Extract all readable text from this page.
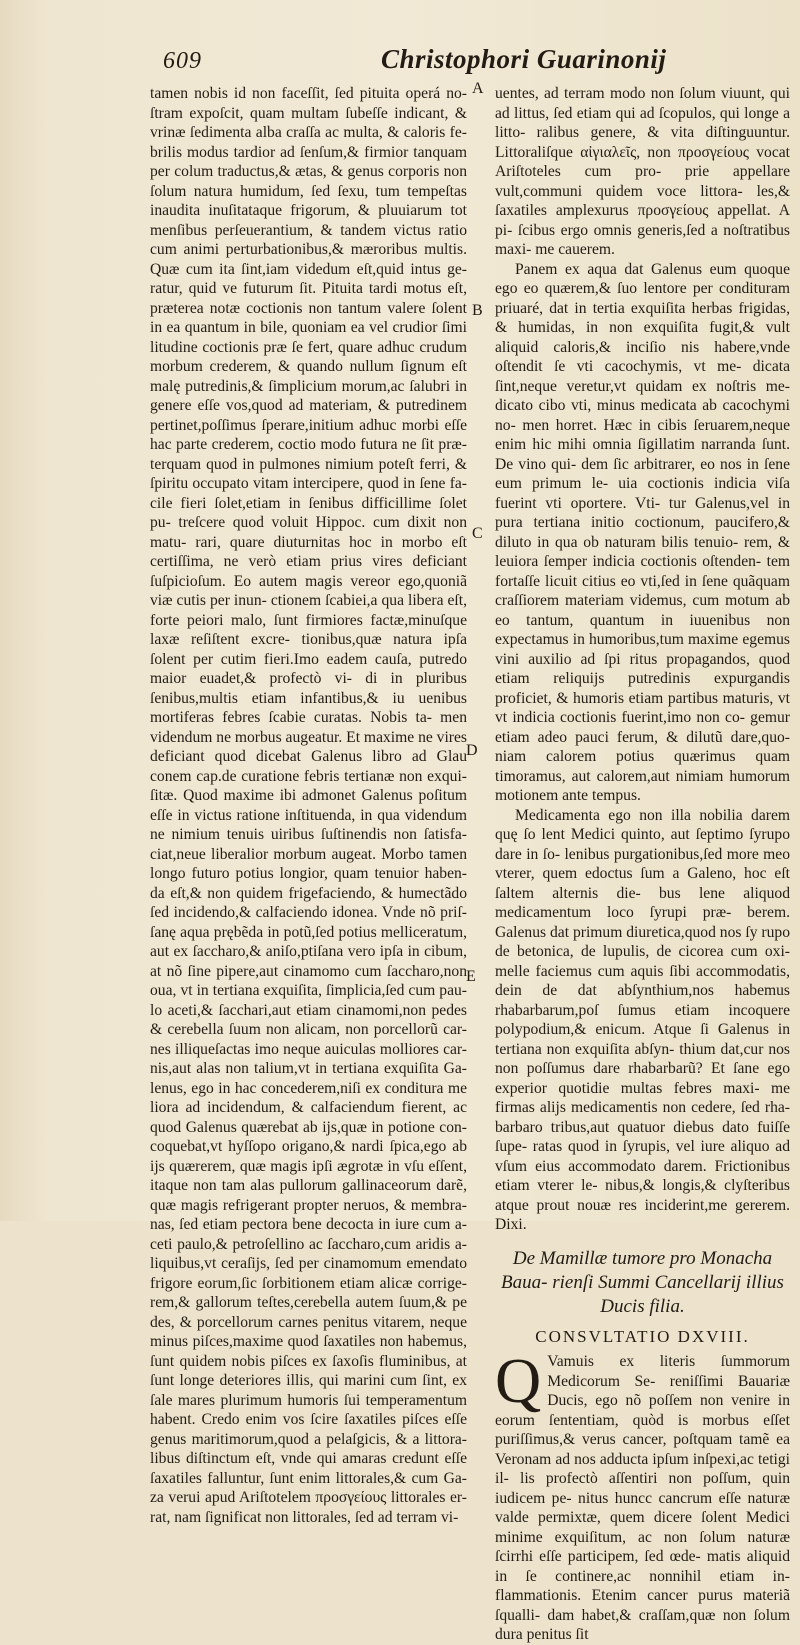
609	Christophori Guarinonij

tamen nobis id non faceſſit, ſed pituita operá no- ſtram expoſcit, quam multam ſubeſſe indicant, & vrinæ ſedimenta alba craſſa ac multa, & caloris fe- brilis modus tardior ad ſenſum,& firmior tanquam per colum traductus,& ætas, & genus corporis non ſolum natura humidum, ſed ſexu, tum tempeſtas inaudita inuſitataque frigorum, & pluuiarum tot menſibus perſeuerantium, & tandem victus ratio cum animi perturbationibus,& mæroribus multis. Quæ cum ita ſint,iam videdum eſt,quid intus ge- ratur, quid ve futurum ſit. Pituita tardi motus eſt, præterea notæ coctionis non tantum valere ſolent in ea quantum in bile, quoniam ea vel crudior ſimi litudine coctionis præ ſe fert, quare adhuc crudum morbum crederem, & quando nullum ſignum eſt malę putredinis,& ſimplicium morum,ac ſalubri in genere eſſe vos,quod ad materiam, & putredinem pertinet,poſſimus ſperare,initium adhuc morbi eſſe hac parte crederem, coctio modo futura ne ſit præ- terquam quod in pulmones nimium poteſt ferri, & ſpiritu occupato vitam intercipere, quod in ſene fa- cile fieri ſolet,etiam in ſenibus difficillime ſolet pu- treſcere quod voluit Hippoc. cum dixit non matu- rari, quare diuturnitas hoc in morbo eſt certiſſima, ne verò etiam prius vires deficiant ſuſpicioſum. Eo autem magis vereor ego,quoniã viæ cutis per inun- ctionem ſcabiei,a qua libera eſt, forte peiori malo, ſunt firmiores factæ,minuſque laxæ reſiſtent excre- tionibus,quæ natura ipſa ſolent per cutim fieri.Imo eadem cauſa, putredo maior euadet,& profectò vi- di in pluribus ſenibus,multis etiam infantibus,& iu uenibus mortiferas febres ſcabie curatas. Nobis ta- men videndum ne morbus augeatur. Et maxime ne vires deficiant quod dicebat Galenus libro ad Glau conem cap.de curatione febris tertianæ non exqui- ſitæ. Quod maxime ibi admonet Galenus poſitum eſſe in victus ratione inſtituenda, in qua videndum ne nimium tenuis uiribus ſuſtinendis non ſatisfa- ciat,neue liberalior morbum augeat. Morbo tamen longo futuro potius longior, quam tenuior haben- da eſt,& non quidem frigefaciendo, & humectãdo ſed incidendo,& calfaciendo idonea. Vnde nõ priſ- ſanę aqua prębẽda in potũ,ſed potius melliceratum, aut ex ſaccharo,& aniſo,ptiſana vero ipſa in cibum, at nõ ſine pipere,aut cinamomo cum ſaccharo,non oua, vt in tertiana exquiſita, ſimplicia,ſed cum pau- lo aceti,& ſacchari,aut etiam cinamomi,non pedes & cerebella ſuum non alicam, non porcellorũ car- nes illiqueſactas imo neque auiculas molliores car- nis,aut alas non talium,vt in tertiana exquiſita Ga- lenus, ego in hac concederem,niſi ex conditura me liora ad incidendum, & calfaciendum fierent, ac quod Galenus quærebat ab ijs,quæ in potione con- coquebat,vt hyſſopo origano,& nardi ſpica,ego ab ijs quærerem, quæ magis ipſi ægrotæ in vſu eſſent, itaque non tam alas pullorum gallinaceorum darẽ, quæ magis refrigerant propter neruos, & membra- nas, ſed etiam pectora bene decocta in iure cum a- ceti paulo,& petroſellino ac ſaccharo,cum aridis a- liquibus,vt ceraſijs, ſed per cinamomum emendato frigore eorum,ſic ſorbitionem etiam alicæ corrige- rem,& gallorum teſtes,cerebella autem ſuum,& pe des, & porcellorum carnes penitus vitarem, neque minus piſces,maxime quod ſaxatiles non habemus, ſunt quidem nobis piſces ex ſaxoſis fluminibus, at ſunt longe deteriores illis, qui marini cum ſint, ex ſale mares plurimum humoris ſui temperamentum habent. Credo enim vos ſcire ſaxatiles piſces eſſe genus maritimorum,quod a pelaſgicis, & a littora- libus diſtinctum eſt, vnde qui amaras credunt eſſe ſaxatiles falluntur, ſunt enim littorales,& cum Ga- za verui apud Ariſtotelem προσγείους littorales er- rat, nam ſignificat non littorales, ſed ad terram vi-

A
B
C
D
E

uentes, ad terram modo non ſolum viuunt, qui ad littus, ſed etiam qui ad ſcopulos, qui longe a litto- ralibus genere, & vita diſtinguuntur. Littoraliſque αἰγιαλεῖς, non προσγείους vocat Ariſtoteles cum pro- prie appellare vult,communi quidem voce littora- les,& ſaxatiles amplexurus προσγείους appellat. A pi- ſcibus ergo omnis generis,ſed a noſtratibus maxi- me cauerem.

Panem ex aqua dat Galenus eum quoque ego eo quærem,& ſuo lentore per condituram priuaré, dat in tertia exquiſita herbas frigidas, & humidas, in non exquiſita fugit,& vult aliquid caloris,& inciſio nis habere,vnde oſtendit ſe vti cacochymis, vt me- dicata ſint,neque veretur,vt quidam ex noſtris me- dicato cibo vti, minus medicata ab cacochymi no- men horret. Hæc in cibis ſeruarem,neque enim hic mihi omnia ſigillatim narranda ſunt. De vino qui- dem ſic arbitrarer, eo nos in ſene eum primum le- uia coctionis indicia viſa fuerint vti oportere. Vti- tur Galenus,vel in pura tertiana initio coctionum, paucifero,& diluto in qua ob naturam bilis tenuio- rem, & leuiora ſemper indicia coctionis oſtenden- tem fortaſſe licuit citius eo vti,ſed in ſene quãquam craſſiorem materiam videmus, cum motum ab eo tantum, quantum in iuuenibus non expectamus in humoribus,tum maxime egemus vini auxilio ad ſpi ritus propagandos, quod etiam reliquijs putredinis expurgandis proficiet, & humoris etiam partibus maturis, vt vt indicia coctionis fuerint,imo non co- gemur etiam adeo pauci ferum, & dilutũ dare,quo- niam calorem potius quærimus quam timoramus, aut calorem,aut nimiam humorum motionem ante tempus.

Medicamenta ego non illa nobilia darem quę ſo lent Medici quinto, aut ſeptimo ſyrupo dare in ſo- lenibus purgationibus,ſed more meo vterer, quem edoctus ſum a Galeno, hoc eſt ſaltem alternis die- bus lene aliquod medicamentum loco ſyrupi præ- berem. Galenus dat primum diuretica,quod nos ſy rupo de betonica, de lupulis, de cicorea cum oxi- melle faciemus cum aquis ſibi accommodatis, dein de dat abſynthium,nos habemus rhabarbarum,poſ ſumus etiam incoquere polypodium,& enicum. Atque ſi Galenus in tertiana non exquiſita abſyn- thium dat,cur nos non poſſumus dare rhabarbarũ? Et ſane ego experior quotidie multas febres maxi- me firmas alijs medicamentis non cedere, ſed rha- barbaro tribus,aut quatuor diebus dato fuiſſe ſupe- ratas quod in ſyrupis, vel iure aliquo ad vſum eius accommodato darem. Frictionibus etiam vterer le- nibus,& longis,& clyſteribus atque prout nouæ res inciderint,me gererem. Dixi.

De Mamillæ tumore pro Monacha Baua- rienſi Summi Cancellarij illius Ducis filia.
CONSVLTATIO DXVIII.

Q Vamuis ex literis ſummorum Medicorum Se- reniſſimi Bauariæ Ducis, ego nõ poſſem non venire in eorum ſententiam, quòd is morbus eſſet puriſſimus,& verus cancer, poſtquam tamẽ ea Veronam ad nos adducta ipſum inſpexi,ac tetigi il- lis profectò aſſentiri non poſſum, quin iudicem pe- nitus huncc cancrum eſſe naturæ valde permixtæ, quem dicere ſolent Medici minime exquiſitum, ac non ſolum naturæ ſcirrhi eſſe participem, ſed œde- matis aliquid in ſe continere,ac nonnihil etiam in- flammationis. Etenim cancer purus materiã ſqualli- dam habet,& craſſam,quæ non ſolum dura penitus ſit
